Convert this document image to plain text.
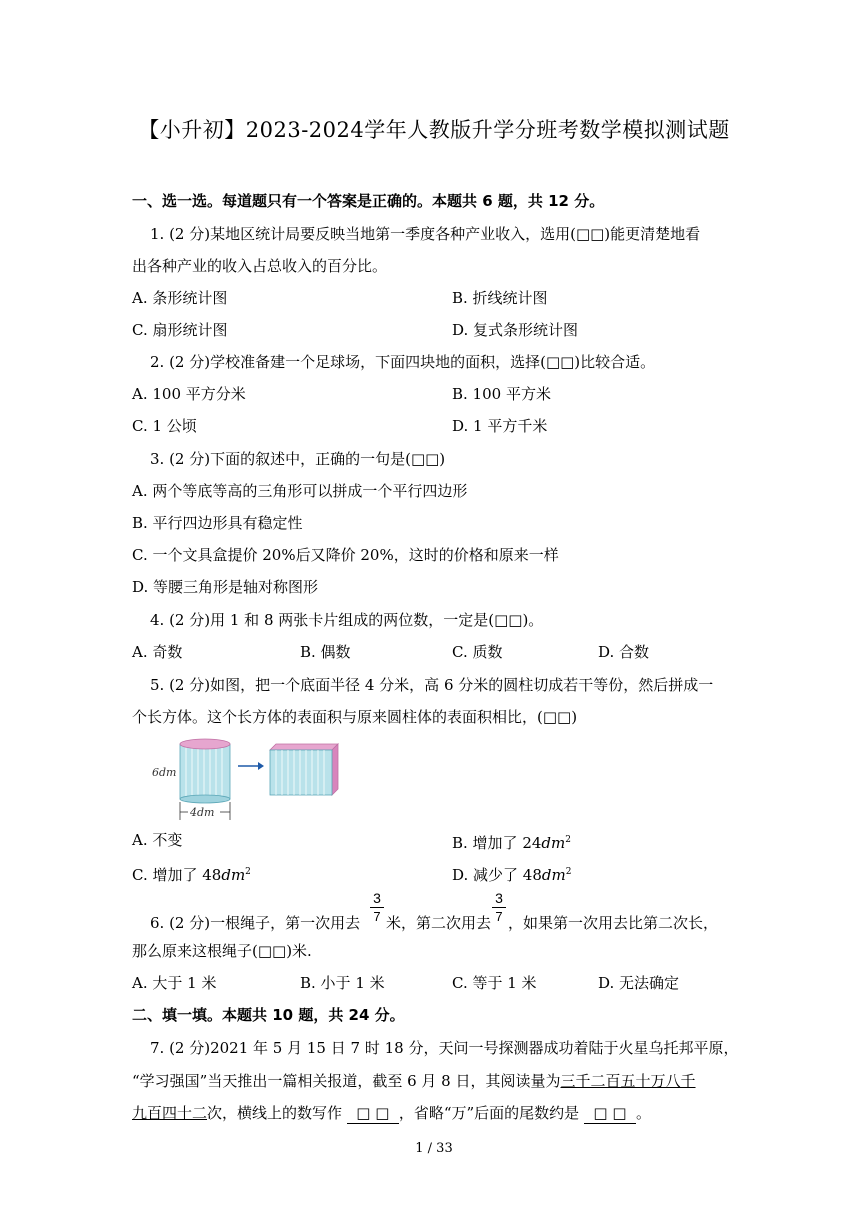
【小升初】2023-2024学年人教版升学分班考数学模拟测试题
一、选一选。每道题只有一个答案是正确的。本题共 6 题，共 12 分。
1. (2 分)某地区统计局要反映当地第一季度各种产业收入，选用(□□)能更清楚地看
出各种产业的收入占总收入的百分比。
A. 条形统计图	B. 折线统计图
C. 扇形统计图	D. 复式条形统计图
2. (2 分)学校准备建一个足球场，下面四块地的面积，选择(□□)比较合适。
A. 100 平方分米	B. 100 平方米
C. 1 公顷	D. 1 平方千米
3. (2 分)下面的叙述中，正确的一句是(□□)
A. 两个等底等高的三角形可以拼成一个平行四边形
B. 平行四边形具有稳定性
C. 一个文具盒提价 20%后又降价 20%，这时的价格和原来一样
D. 等腰三角形是轴对称图形
4. (2 分)用 1 和 8 两张卡片组成的两位数，一定是(□□)。
A. 奇数	B. 偶数	C. 质数	D. 合数
5. (2 分)如图，把一个底面半径 4 分米，高 6 分米的圆柱切成若干等份，然后拼成一
个长方体。这个长方体的表面积与原来圆柱体的表面积相比，(□□)
6dm
4dm
A. 不变	B. 增加了 $24dm^2$
C. 增加了 $48dm^2$	D. 减少了 $48dm^2$
6. (2 分)一根绳子，第一次用去
3
7 米，第二次用去
3
7 ，如果第一次用去比第二次长，
那么原来这根绳子(□□)米.
A. 大于 1 米	B. 小于 1 米	C. 等于 1 米	D. 无法确定
二、填一填。本题共 10 题，共 24 分。
7. (2 分)2021 年 5 月 15 日 7 时 18 分，天问一号探测器成功着陆于火星乌托邦平原，
“学习强国”当天推出一篇相关报道，截至 6 月 8 日，其阅读量为三千二百五十万八千
九百四十二次，横线上的数写作 □ □ ，省略“万”后面的尾数约是 □ □ 。
1 / 33
